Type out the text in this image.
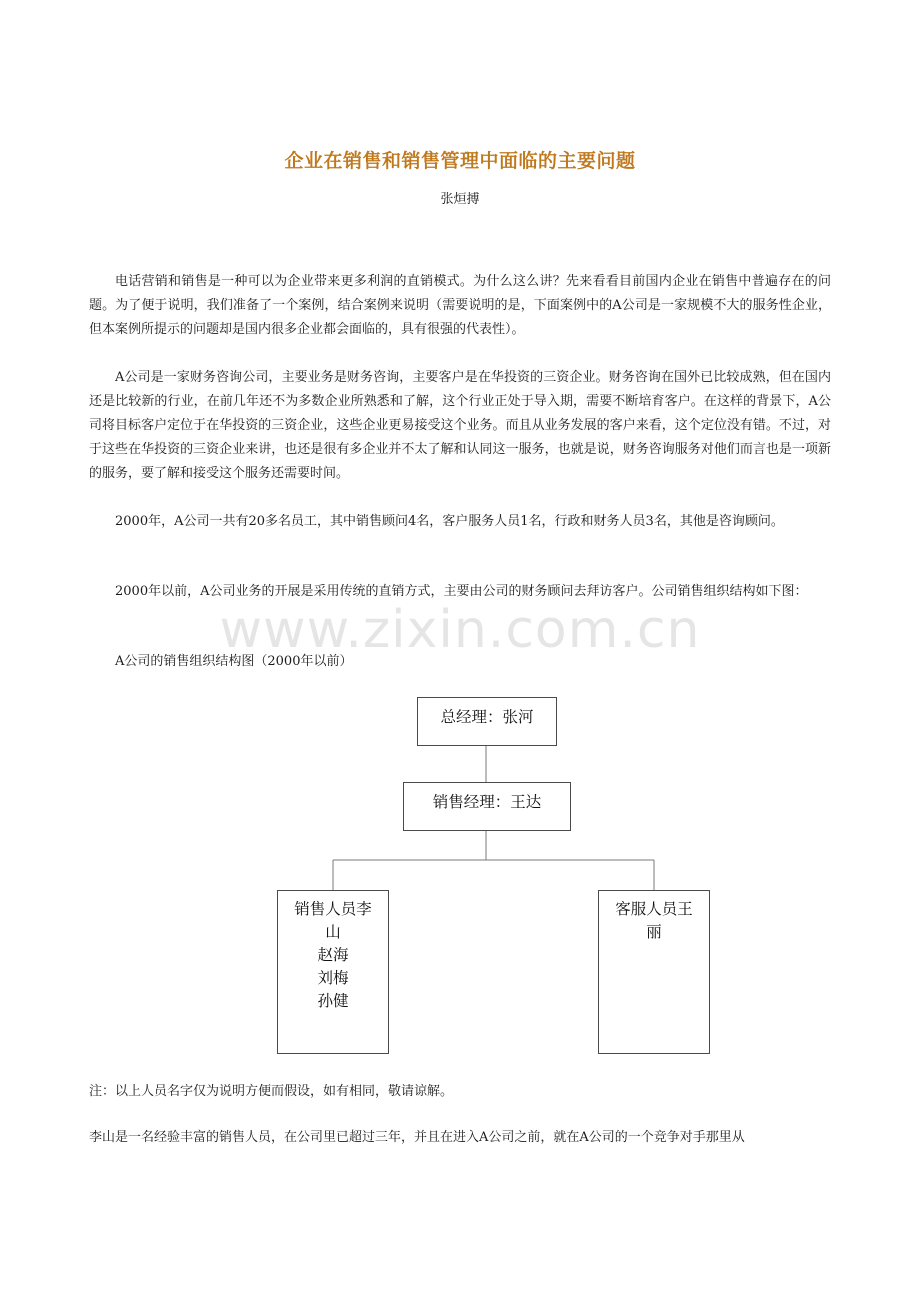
企业在销售和销售管理中面临的主要问题
张烜搏

电话营销和销售是一种可以为企业带来更多利润的直销模式。为什么这么讲？先来看看目前国内企业在销售中普遍存在的问题。为了便于说明，我们准备了一个案例，结合案例来说明（需要说明的是，下面案例中的A公司是一家规模不大的服务性企业，但本案例所提示的问题却是国内很多企业都会面临的，具有很强的代表性）。

A公司是一家财务咨询公司，主要业务是财务咨询，主要客户是在华投资的三资企业。财务咨询在国外已比较成熟，但在国内还是比较新的行业，在前几年还不为多数企业所熟悉和了解，这个行业正处于导入期，需要不断培育客户。在这样的背景下，A公司将目标客户定位于在华投资的三资企业，这些企业更易接受这个业务。而且从业务发展的客户来看，这个定位没有错。不过，对于这些在华投资的三资企业来讲，也还是很有多企业并不太了解和认同这一服务，也就是说，财务咨询服务对他们而言也是一项新的服务，要了解和接受这个服务还需要时间。

2000年，A公司一共有20多名员工，其中销售顾问4名，客户服务人员1名，行政和财务人员3名，其他是咨询顾问。

2000年以前，A公司业务的开展是采用传统的直销方式，主要由公司的财务顾问去拜访客户。公司销售组织结构如下图：

A公司的销售组织结构图（2000年以前）

www.zixin.com.cn
总经理：张河
销售经理：王达
销售人员李
山
赵海
刘梅
孙健
客服人员王
丽

注：以上人员名字仅为说明方便而假设，如有相同，敬请谅解。

李山是一名经验丰富的销售人员，在公司里已超过三年，并且在进入A公司之前，就在A公司的一个竞争对手那里从
